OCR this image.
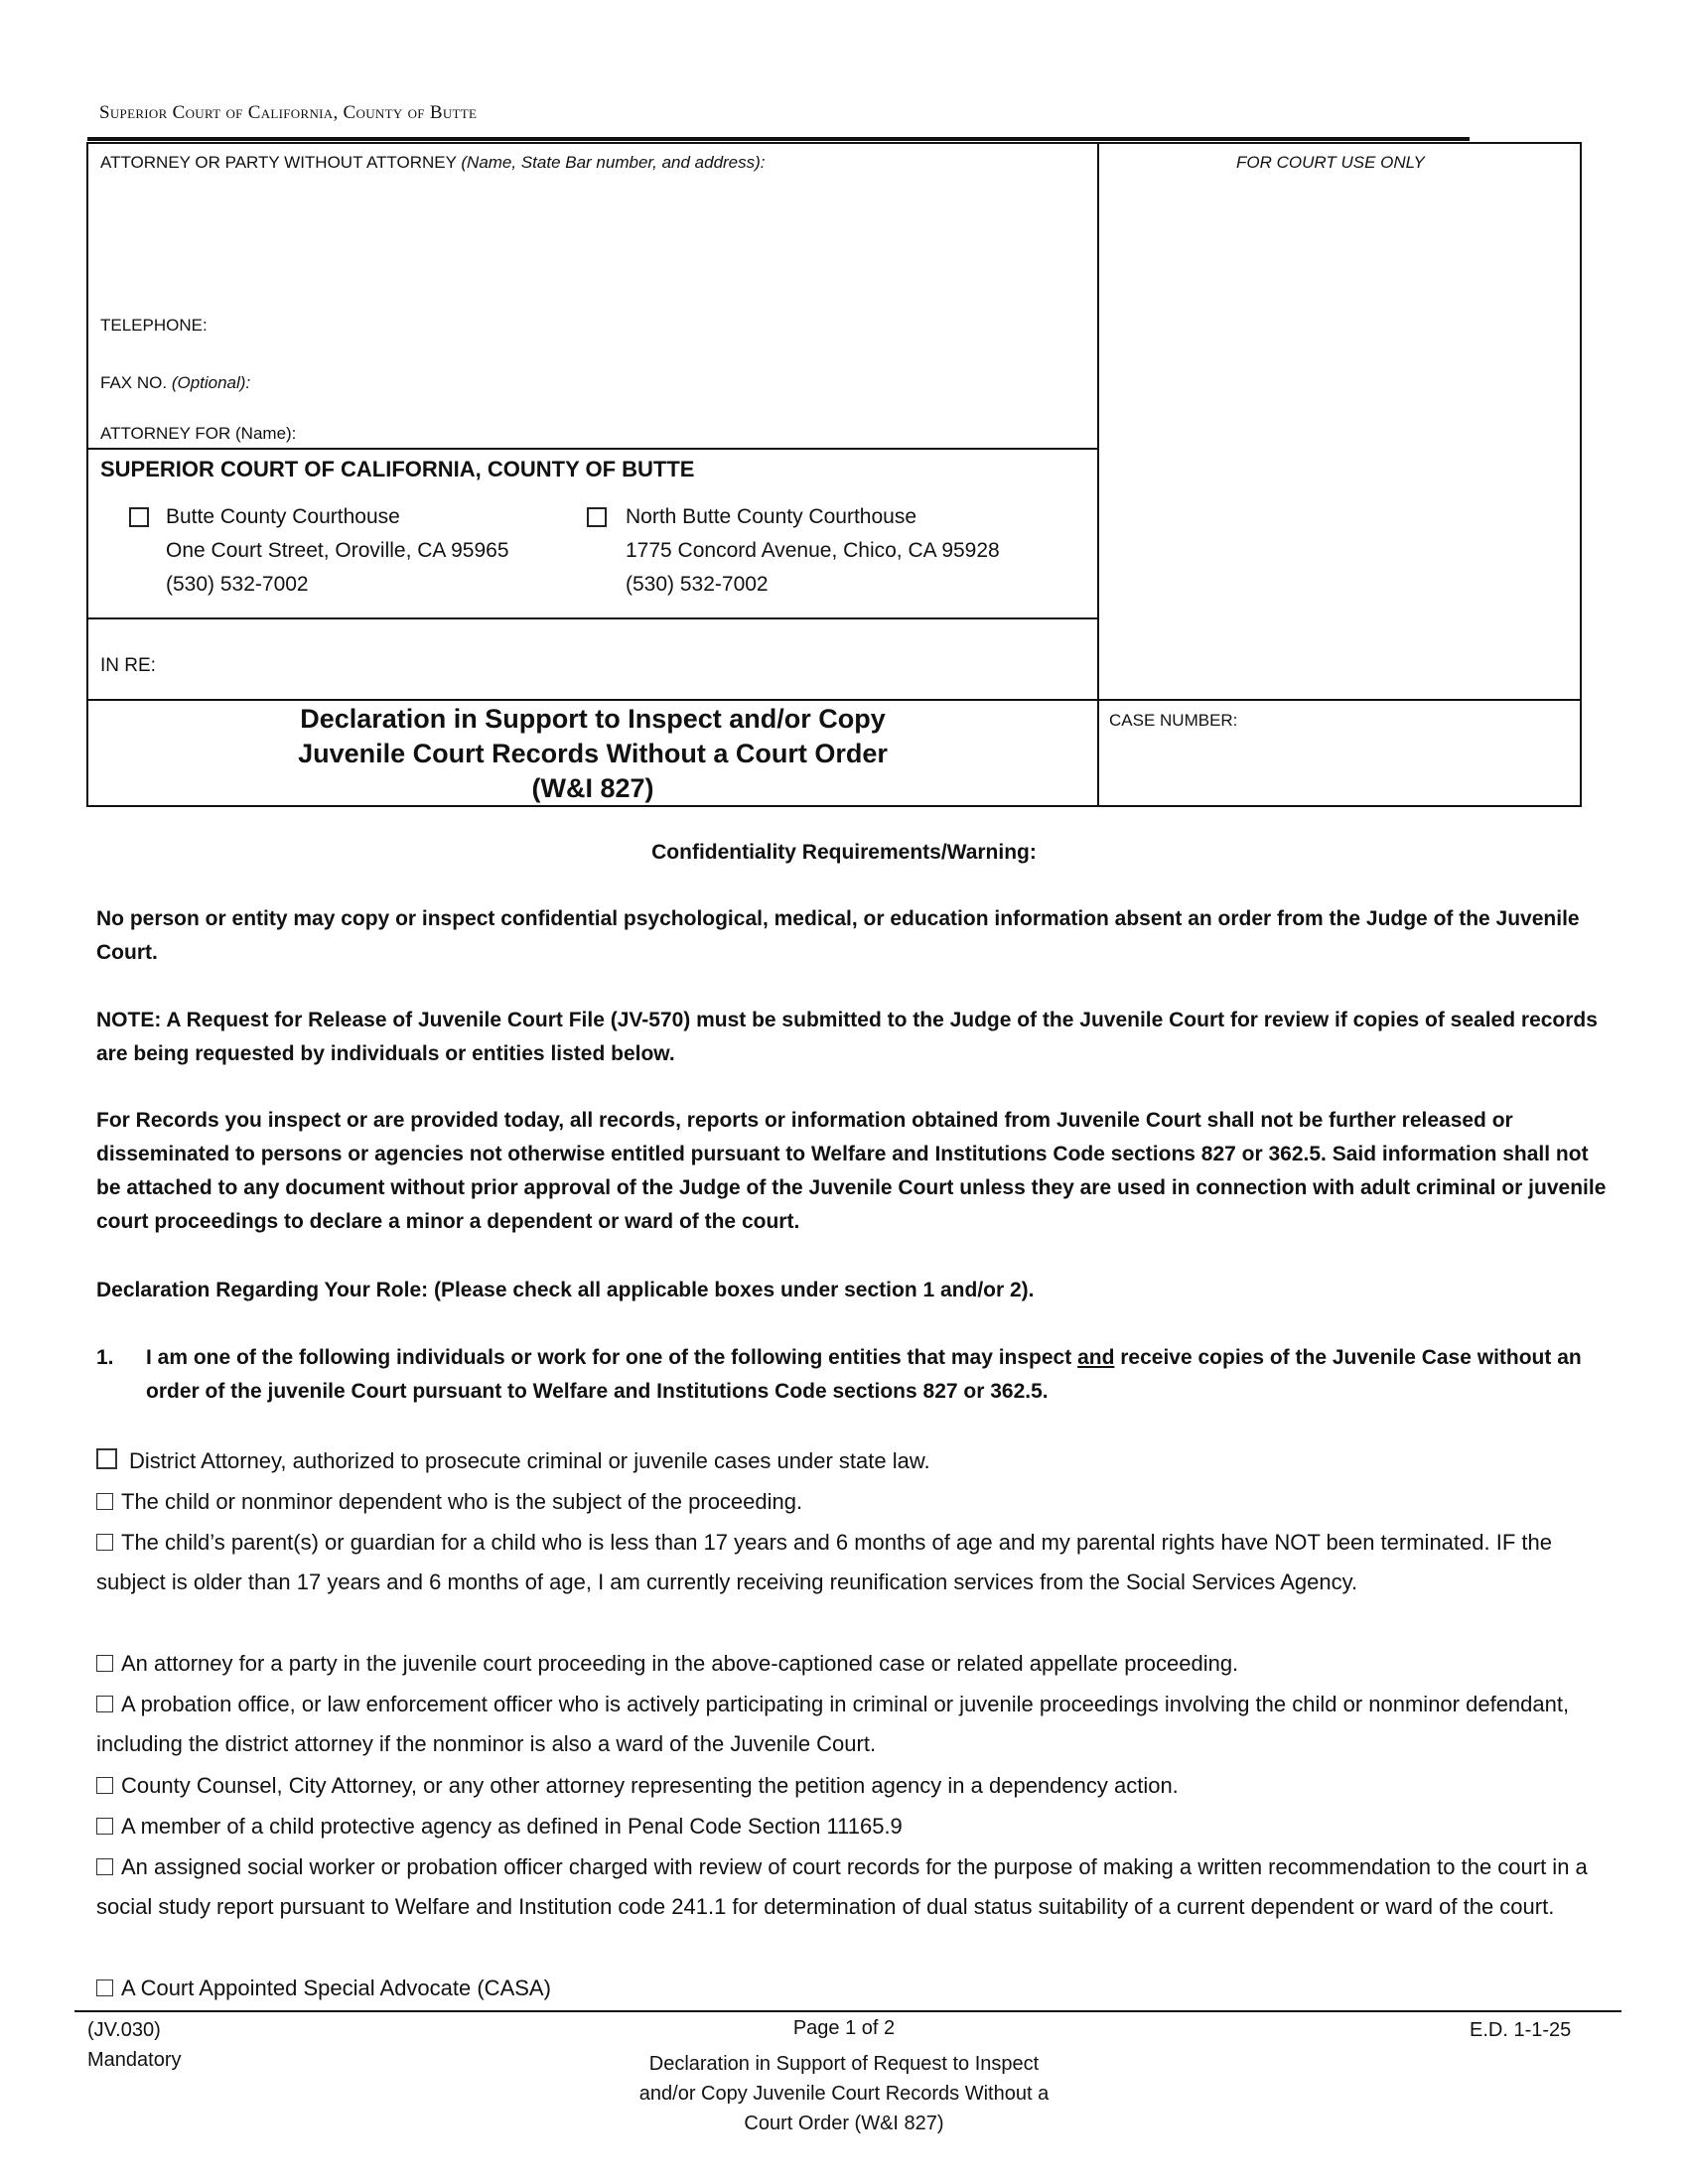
Superior Court of California, County of Butte
ATTORNEY OR PARTY WITHOUT ATTORNEY (Name, State Bar number, and address):	FOR COURT USE ONLY
TELEPHONE:
FAX NO. (Optional):
ATTORNEY FOR (Name):
SUPERIOR COURT OF CALIFORNIA, COUNTY OF BUTTE
Butte County Courthouse
One Court Street, Oroville, CA 95965
(530) 532-7002
North Butte County Courthouse
1775 Concord Avenue, Chico, CA 95928
(530) 532-7002
IN RE:
Declaration in Support to Inspect and/or Copy
Juvenile Court Records Without a Court Order
(W&I 827)
CASE NUMBER:
Confidentiality Requirements/Warning:
No person or entity may copy or inspect confidential psychological, medical, or education information absent an order from the Judge of the Juvenile Court.
NOTE: A Request for Release of Juvenile Court File (JV-570) must be submitted to the Judge of the Juvenile Court for review if copies of sealed records are being requested by individuals or entities listed below.
For Records you inspect or are provided today, all records, reports or information obtained from Juvenile Court shall not be further released or disseminated to persons or agencies not otherwise entitled pursuant to Welfare and Institutions Code sections 827 or 362.5. Said information shall not be attached to any document without prior approval of the Judge of the Juvenile Court unless they are used in connection with adult criminal or juvenile court proceedings to declare a minor a dependent or ward of the court.
Declaration Regarding Your Role: (Please check all applicable boxes under section 1 and/or 2).
1. I am one of the following individuals or work for one of the following entities that may inspect and receive copies of the Juvenile Case without an order of the juvenile Court pursuant to Welfare and Institutions Code sections 827 or 362.5.
District Attorney, authorized to prosecute criminal or juvenile cases under state law.
The child or nonminor dependent who is the subject of the proceeding.
The child’s parent(s) or guardian for a child who is less than 17 years and 6 months of age and my parental rights have NOT been terminated. IF the subject is older than 17 years and 6 months of age, I am currently receiving reunification services from the Social Services Agency.
An attorney for a party in the juvenile court proceeding in the above-captioned case or related appellate proceeding.
A probation office, or law enforcement officer who is actively participating in criminal or juvenile proceedings involving the child or nonminor defendant, including the district attorney if the nonminor is also a ward of the Juvenile Court.
County Counsel, City Attorney, or any other attorney representing the petition agency in a dependency action.
A member of a child protective agency as defined in Penal Code Section 11165.9
An assigned social worker or probation officer charged with review of court records for the purpose of making a written recommendation to the court in a social study report pursuant to Welfare and Institution code 241.1 for determination of dual status suitability of a current dependent or ward of the court.
A Court Appointed Special Advocate (CASA)
(JV.030)
Mandatory
Page 1 of 2
Declaration in Support of Request to Inspect
and/or Copy Juvenile Court Records Without a
Court Order (W&I 827)
E.D. 1-1-25
